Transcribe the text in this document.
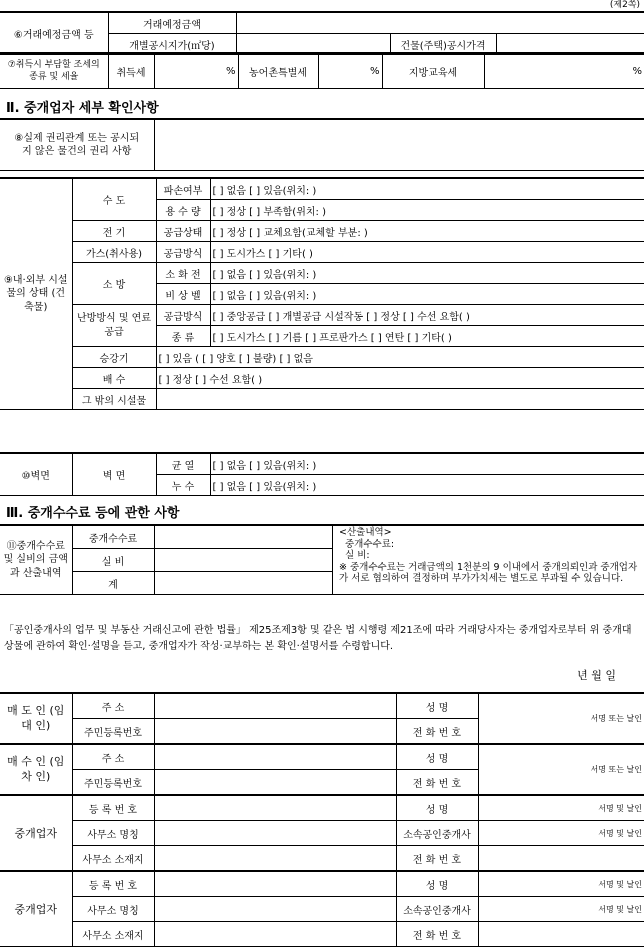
(제2쪽)
⑥거래예정금액 등	거래예정금액			
	개별공시지가(㎡당)		건물(주택)공시가격	
⑦취득시 부담할 조세의 종류 및 세율	취득세	%	농어촌특별세	%	지방교육세	%
Ⅱ. 중개업자 세부 확인사항
⑧실제 권리관계 또는 공시되지 않은 물건의 권리 사항	
⑨내·외부 시설물의 상태 (건축물)	수 도	파손여부	[ ] 없음 [ ] 있음(위치: )
		용 수 량	[ ] 정상 [ ] 부족함(위치: )
	전 기	공급상태	[ ] 정상 [ ] 교체요함(교체할 부분: )
	가스(취사용)	공급방식	[ ] 도시가스 [ ] 기타( )
	소 방	소 화 전	[ ] 없음 [ ] 있음(위치: )
		비 상 벨	[ ] 없음 [ ] 있음(위치: )
	난방방식 및 연료공급	공급방식	[ ] 중앙공급 [ ] 개별공급 시설작동 [ ] 정상 [ ] 수선 요함( )
		종 류	[ ] 도시가스 [ ] 기름 [ ] 프로판가스 [ ] 연탄 [ ] 기타( )
	승강기	[ ] 있음 ( [ ] 양호 [ ] 불량) [ ] 없음	
	배 수	[ ] 정상 [ ] 수선 요함( )	
	그 밖의 시설물		
⑩벽면	벽 면	균 열	[ ] 없음 [ ] 있음(위치: )
		누 수	[ ] 없음 [ ] 있음(위치: )
Ⅲ. 중개수수료 등에 관한 사항
⑪중개수수료 및 실비의 금액과 산출내역	중개수수료		
	실 비		
	계		
<산출내역>
중개수수료:
실 비:
※ 중개수수료는 거래금액의 1천분의 9 이내에서 중개의뢰인과 중개업자가 서로 협의하여 결정하며 부가가치세는 별도로 부과될 수 있습니다.
「공인중개사의 업무 및 부동산 거래신고에 관한 법률」 제25조제3항 및 같은 법 시행령 제21조에 따라 거래당사자는 중개업자로부터 위 중개대상물에 관하여 확인·설명을 듣고, 중개업자가 작성·교부하는 본 확인·설명서를 수령합니다.
년 월 일
매 도 인 (임 대 인)	주 소		성 명	서명 또는 날인
	주민등록번호		전 화 번 호	
매 수 인 (임 차 인)	주 소		성 명	서명 또는 날인
	주민등록번호		전 화 번 호	
중개업자	등 록 번 호		성 명	서명 및 날인
	사무소 명칭		소속공인중개사	서명 및 날인
	사무소 소재지		전 화 번 호	
중개업자	등 록 번 호		성 명	서명 및 날인
	사무소 명칭		소속공인중개사	서명 및 날인
	사무소 소재지		전 화 번 호	
